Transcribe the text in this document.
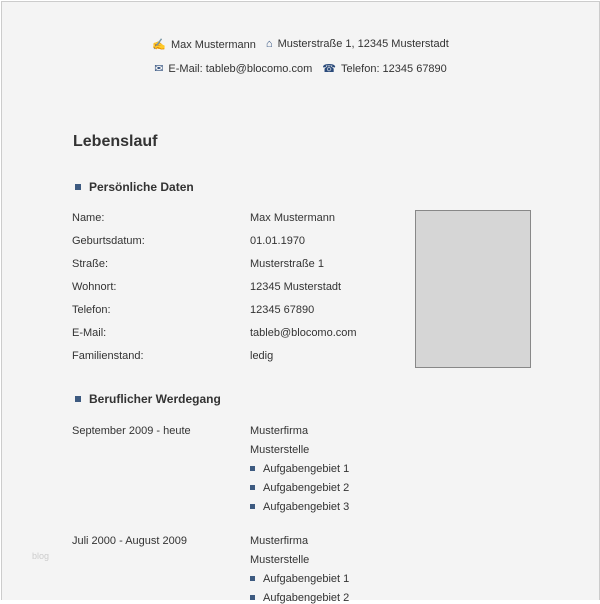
✍ Max Mustermann ⌂ Musterstraße 1, 12345 Musterstadt
✉ E-Mail: tableb@blocomo.com ☎ Telefon: 12345 67890
Lebenslauf
Persönliche Daten
Name:	Max Mustermann
Geburtsdatum:	01.01.1970
Straße:	Musterstraße 1
Wohnort:	12345 Musterstadt
Telefon:	12345 67890
E-Mail:	tableb@blocomo.com
Familienstand:	ledig
Beruflicher Werdegang
September 2009 - heute	Musterfirma
Musterstelle
Aufgabengebiet 1
Aufgabengebiet 2
Aufgabengebiet 3
Juli 2000 - August 2009	Musterfirma
Musterstelle
Aufgabengebiet 1
Aufgabengebiet 2
blog
